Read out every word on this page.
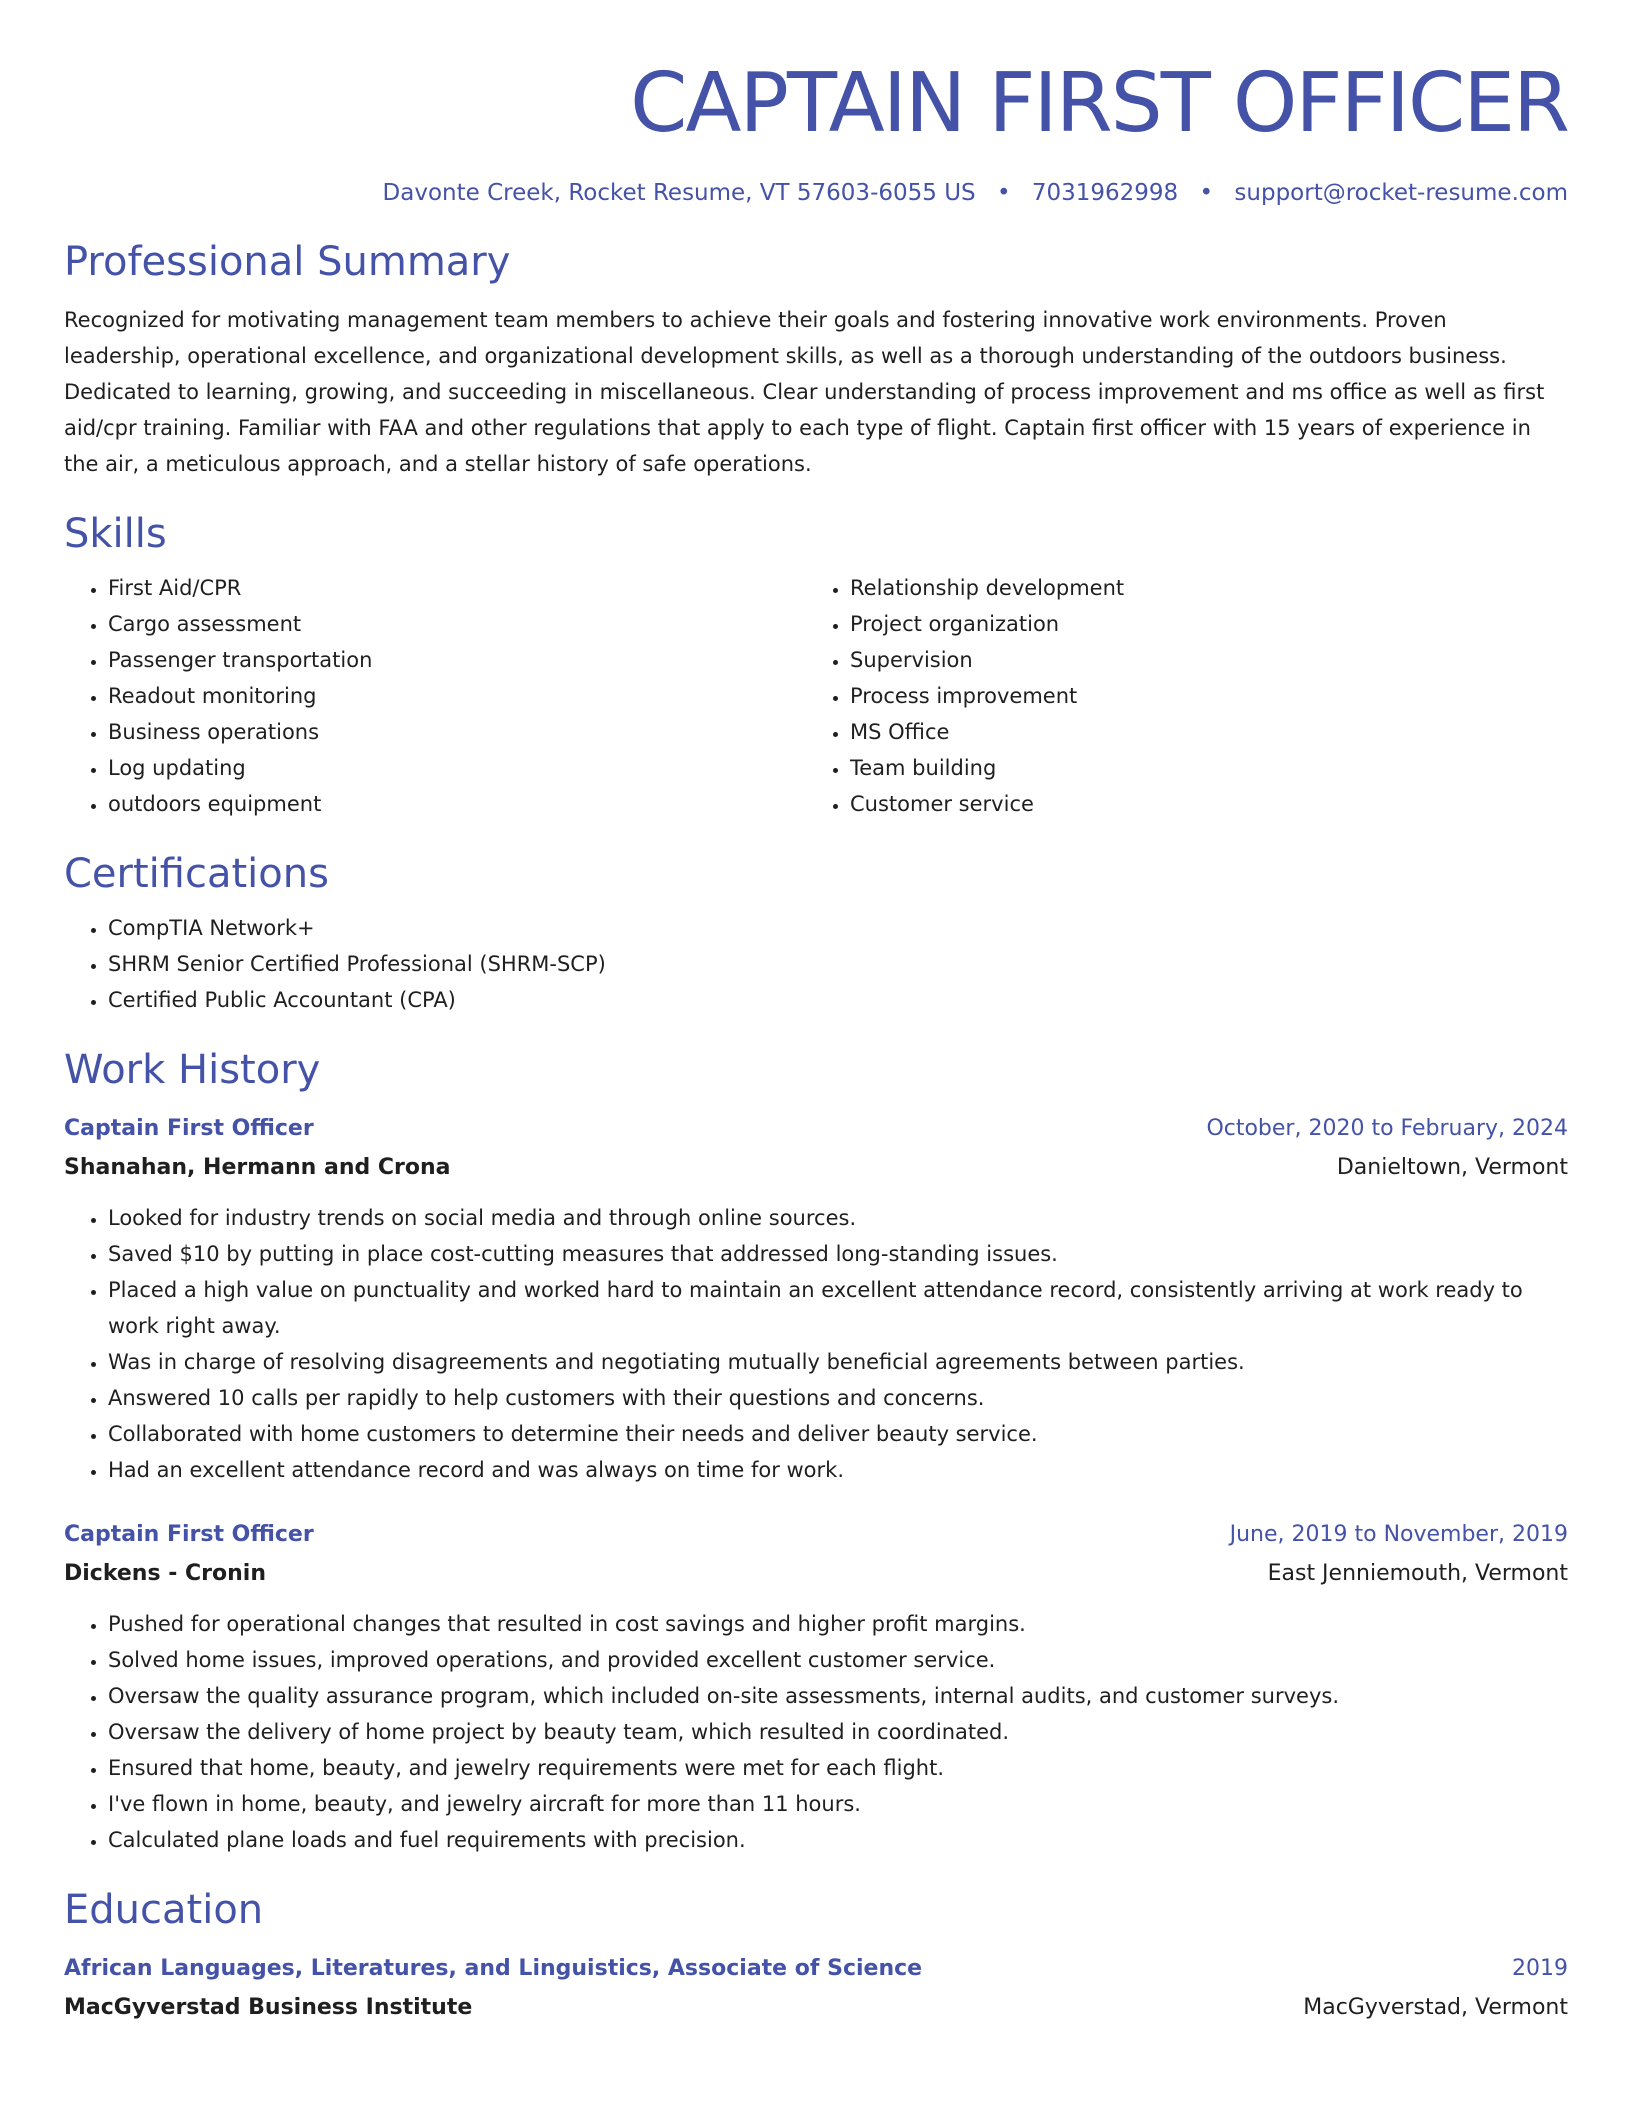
CAPTAIN FIRST OFFICER
Davonte Creek, Rocket Resume, VT 57603-6055 US • 7031962998 • support@rocket-resume.com
Professional Summary

Recognized for motivating management team members to achieve their goals and fostering innovative work environments. Proven leadership, operational excellence, and organizational development skills, as well as a thorough understanding of the outdoors business. Dedicated to learning, growing, and succeeding in miscellaneous. Clear understanding of process improvement and ms office as well as first aid/cpr training. Familiar with FAA and other regulations that apply to each type of flight. Captain first officer with 15 years of experience in the air, a meticulous approach, and a stellar history of safe operations.

Skills
• First Aid/CPR
• Cargo assessment
• Passenger transportation
• Readout monitoring
• Business operations
• Log updating
• outdoors equipment
• Relationship development
• Project organization
• Supervision
• Process improvement
• MS Office
• Team building
• Customer service
Certifications
• CompTIA Network+
• SHRM Senior Certified Professional (SHRM-SCP)
• Certified Public Accountant (CPA)
Work History
Captain First Officer	October, 2020 to February, 2024
Shanahan, Hermann and Crona	Danieltown, Vermont
• Looked for industry trends on social media and through online sources.
• Saved $10 by putting in place cost-cutting measures that addressed long-standing issues.
• Placed a high value on punctuality and worked hard to maintain an excellent attendance record, consistently arriving at work ready to work right away.
• Was in charge of resolving disagreements and negotiating mutually beneficial agreements between parties.
• Answered 10 calls per rapidly to help customers with their questions and concerns.
• Collaborated with home customers to determine their needs and deliver beauty service.
• Had an excellent attendance record and was always on time for work.
Captain First Officer	June, 2019 to November, 2019
Dickens - Cronin	East Jenniemouth, Vermont
• Pushed for operational changes that resulted in cost savings and higher profit margins.
• Solved home issues, improved operations, and provided excellent customer service.
• Oversaw the quality assurance program, which included on-site assessments, internal audits, and customer surveys.
• Oversaw the delivery of home project by beauty team, which resulted in coordinated.
• Ensured that home, beauty, and jewelry requirements were met for each flight.
• I've flown in home, beauty, and jewelry aircraft for more than 11 hours.
• Calculated plane loads and fuel requirements with precision.
Education
African Languages, Literatures, and Linguistics, Associate of Science	2019
MacGyverstad Business Institute	MacGyverstad, Vermont
